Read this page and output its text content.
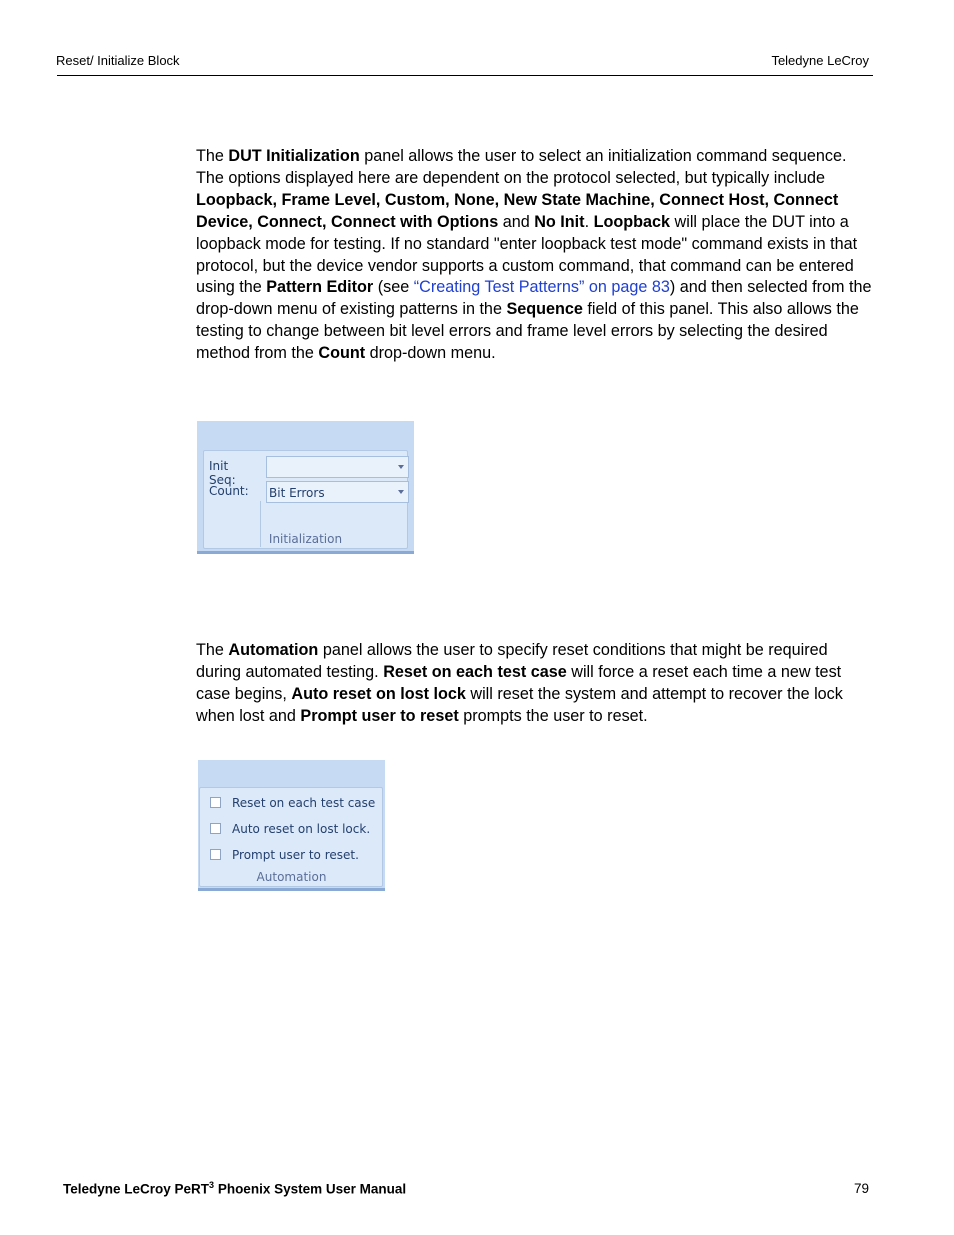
Reset/ Initialize Block	Teledyne LeCroy

The DUT Initialization panel allows the user to select an initialization command sequence. The options displayed here are dependent on the protocol selected, but typically include Loopback, Frame Level, Custom, None, New State Machine, Connect Host, Connect Device, Connect, Connect with Options and No Init. Loopback will place the DUT into a loopback mode for testing. If no standard "enter loopback test mode" command exists in that protocol, but the device vendor supports a custom command, that command can be entered using the Pattern Editor (see “Creating Test Patterns” on page 83) and then selected from the drop-down menu of existing patterns in the Sequence field of this panel. This also allows the testing to change between bit level errors and frame level errors by selecting the desired method from the Count drop-down menu.

Init Seq:
Count: Bit Errors
Initialization

The Automation panel allows the user to specify reset conditions that might be required during automated testing. Reset on each test case will force a reset each time a new test case begins, Auto reset on lost lock will reset the system and attempt to recover the lock when lost and Prompt user to reset prompts the user to reset.

Reset on each test case
Auto reset on lost lock.
Prompt user to reset.
Automation
Teledyne LeCroy PeRT$^3$ Phoenix System User Manual	79
